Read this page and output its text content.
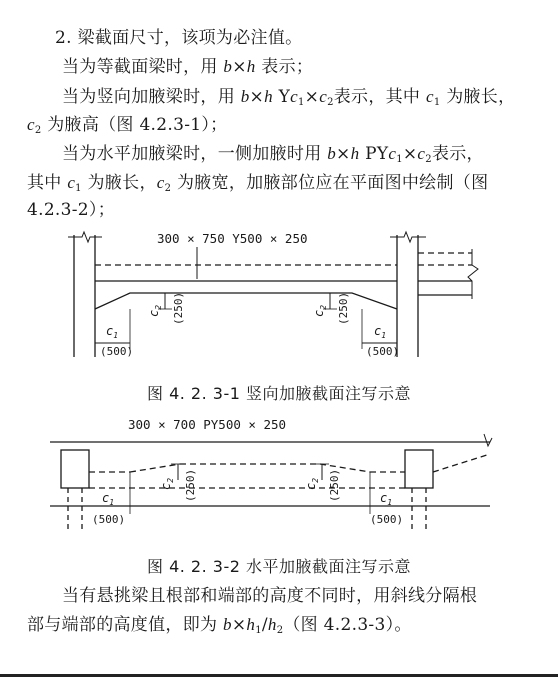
2. 梁截面尺寸，该项为必注值。
当为等截面梁时，用 b×h 表示；
当为竖向加腋梁时，用 b×h $Yc_1\times c_2$表示，其中 $c_1$ 为腋长，
$c_2$ 为腋高（图 4.2.3-1）；
当为水平加腋梁时，一侧加腋时用 b×h $PYc_1\times c_2$表示，
其中 $c_1$ 为腋长，$c_2$ 为腋宽，加腋部位应在平面图中绘制（图
4.2.3-2）；
300 × 750 Y500 × 250
$c_2$ (250)	$c_2$ (250)
$c_1$
(500)
$c_1$
(500)
图 4. 2. 3-1 竖向加腋截面注写示意
300 × 700 PY500 × 250
$c_2$ (250)	$c_2$ (250)
$c_1$
(500)
$c_1$
(500)
图 4. 2. 3-2 水平加腋截面注写示意
当有悬挑梁且根部和端部的高度不同时，用斜线分隔根
部与端部的高度值，即为 $b\times h_1/h_2$（图 4.2.3-3）。
